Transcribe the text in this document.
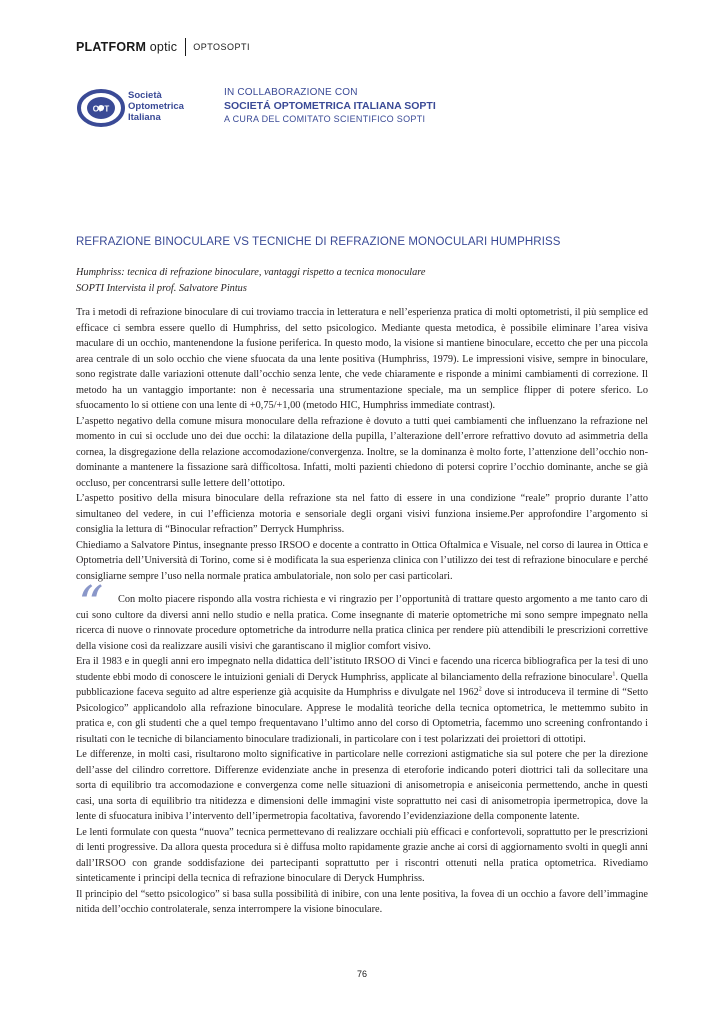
PLATFORM optic OPTOSOPTI
OPT
Società
Optometrica
Italiana
IN COLLABORAZIONE CON
SOCIETÁ OPTOMETRICA ITALIANA SOPTI
A CURA DEL COMITATO SCIENTIFICO SOPTI
REFRAZIONE BINOCULARE VS TECNICHE DI REFRAZIONE MONOCULARI HUMPHRISS
Humphriss: tecnica di refrazione binoculare, vantaggi rispetto a tecnica monoculare
SOPTI Intervista il prof. Salvatore Pintus

Tra i metodi di refrazione binoculare di cui troviamo traccia in letteratura e nell’esperienza pratica di molti optometristi, il più semplice ed efficace ci sembra essere quello di Humphriss, del setto psicologico. Mediante questa metodica, è possibile eliminare l’area visiva maculare di un occhio, mantenendone la fusione periferica. In questo modo, la visione si mantiene binoculare, eccetto che per una piccola area centrale di un solo occhio che viene sfuocata da una lente positiva (Humphriss, 1979). Le impressioni visive, sempre in binoculare, sono registrate dalle variazioni ottenute dall’occhio senza lente, che vede chiaramente e risponde a minimi cambiamenti di correzione. Il metodo ha un vantaggio importante: non è necessaria una strumentazione speciale, ma un semplice flipper di potere sferico. Lo sfuocamento lo si ottiene con una lente di +0,75/+1,00 (metodo HIC, Humphriss immediate contrast).

L’aspetto negativo della comune misura monoculare della refrazione è dovuto a tutti quei cambiamenti che influenzano la refrazione nel momento in cui si occlude uno dei due occhi: la dilatazione della pupilla, l’alterazione dell’errore refrattivo dovuto ad asimmetria della cornea, la disgregazione della relazione accomodazione/convergenza. Inoltre, se la dominanza è molto forte, l’attenzione dell’occhio non-dominante a mantenere la fissazione sarà difficoltosa. Infatti, molti pazienti chiedono di potersi coprire l’occhio dominante, anche se già occluso, per concentrarsi sulle lettere dell’ottotipo.

L’aspetto positivo della misura binoculare della refrazione sta nel fatto di essere in una condizione “reale” proprio durante l’atto simultaneo del vedere, in cui l’efficienza motoria e sensoriale degli organi visivi funziona insieme.Per approfondire l’argomento si consiglia la lettura di “Binocular refraction” Derryck Humphriss.

Chiediamo a Salvatore Pintus, insegnante presso IRSOO e docente a contratto in Ottica Oftalmica e Visuale, nel corso di laurea in Ottica e Optometria dell’Università di Torino, come si è modificata la sua esperienza clinica con l’utilizzo dei test di refrazione binoculare e perché consigliarne sempre l’uso nella normale pratica ambulatoriale, non solo per casi particolari.

“ Con molto piacere rispondo alla vostra richiesta e vi ringrazio per l’opportunità di trattare questo argomento a me tanto caro di cui sono cultore da diversi anni nello studio e nella pratica. Come insegnante di materie optometriche mi sono sempre impegnato nella ricerca di nuove o rinnovate procedure optometriche da introdurre nella pratica clinica per rendere più attendibili le prescrizioni correttive della visione così da realizzare ausili visivi che garantiscano il miglior comfort visivo.

Era il 1983 e in quegli anni ero impegnato nella didattica dell’istituto IRSOO di Vinci e facendo una ricerca bibliografica per la tesi di uno studente ebbi modo di conoscere le intuizioni geniali di Deryck Humphriss, applicate al bilanciamento della refrazione binoculare$^1$. Quella pubblicazione faceva seguito ad altre esperienze già acquisite da Humphriss e divulgate nel 1962$^2$ dove si introduceva il termine di “Setto Psicologico” applicandolo alla refrazione binoculare. Apprese le modalità teoriche della tecnica optometrica, le mettemmo subito in pratica e, con gli studenti che a quel tempo frequentavano l’ultimo anno del corso di Optometria, facemmo uno screening confrontando i risultati con le tecniche di bilanciamento binoculare tradizionali, in particolare con i test polarizzati dei proiettori di ottotipi.

Le differenze, in molti casi, risultarono molto significative in particolare nelle correzioni astigmatiche sia sul potere che per la direzione dell’asse del cilindro correttore. Differenze evidenziate anche in presenza di eteroforie indicando poteri diottrici tali da sollecitare una sorta di equilibrio tra accomodazione e convergenza come nelle situazioni di anisometropia e aniseiconia permettendo, anche in questi casi, una sorta di equilibrio tra nitidezza e dimensioni delle immagini viste soprattutto nei casi di anisometropia ipermetropica, dove la lente di sfuocatura inibiva l’intervento dell’ipermetropia facoltativa, favorendo l’evidenziazione della componente latente.

Le lenti formulate con questa “nuova” tecnica permettevano di realizzare occhiali più efficaci e confortevoli, soprattutto per le prescrizioni di lenti progressive. Da allora questa procedura si è diffusa molto rapidamente grazie anche ai corsi di aggiornamento svolti in quegli anni dall’IRSOO con grande soddisfazione dei partecipanti soprattutto per i riscontri ottenuti nella pratica optometrica. Rivediamo sinteticamente i principi della tecnica di refrazione binoculare di Deryck Humphriss.

Il principio del “setto psicologico” si basa sulla possibilità di inibire, con una lente positiva, la fovea di un occhio a favore dell’immagine nitida dell’occhio controlaterale, senza interrompere la visione binoculare.

76
